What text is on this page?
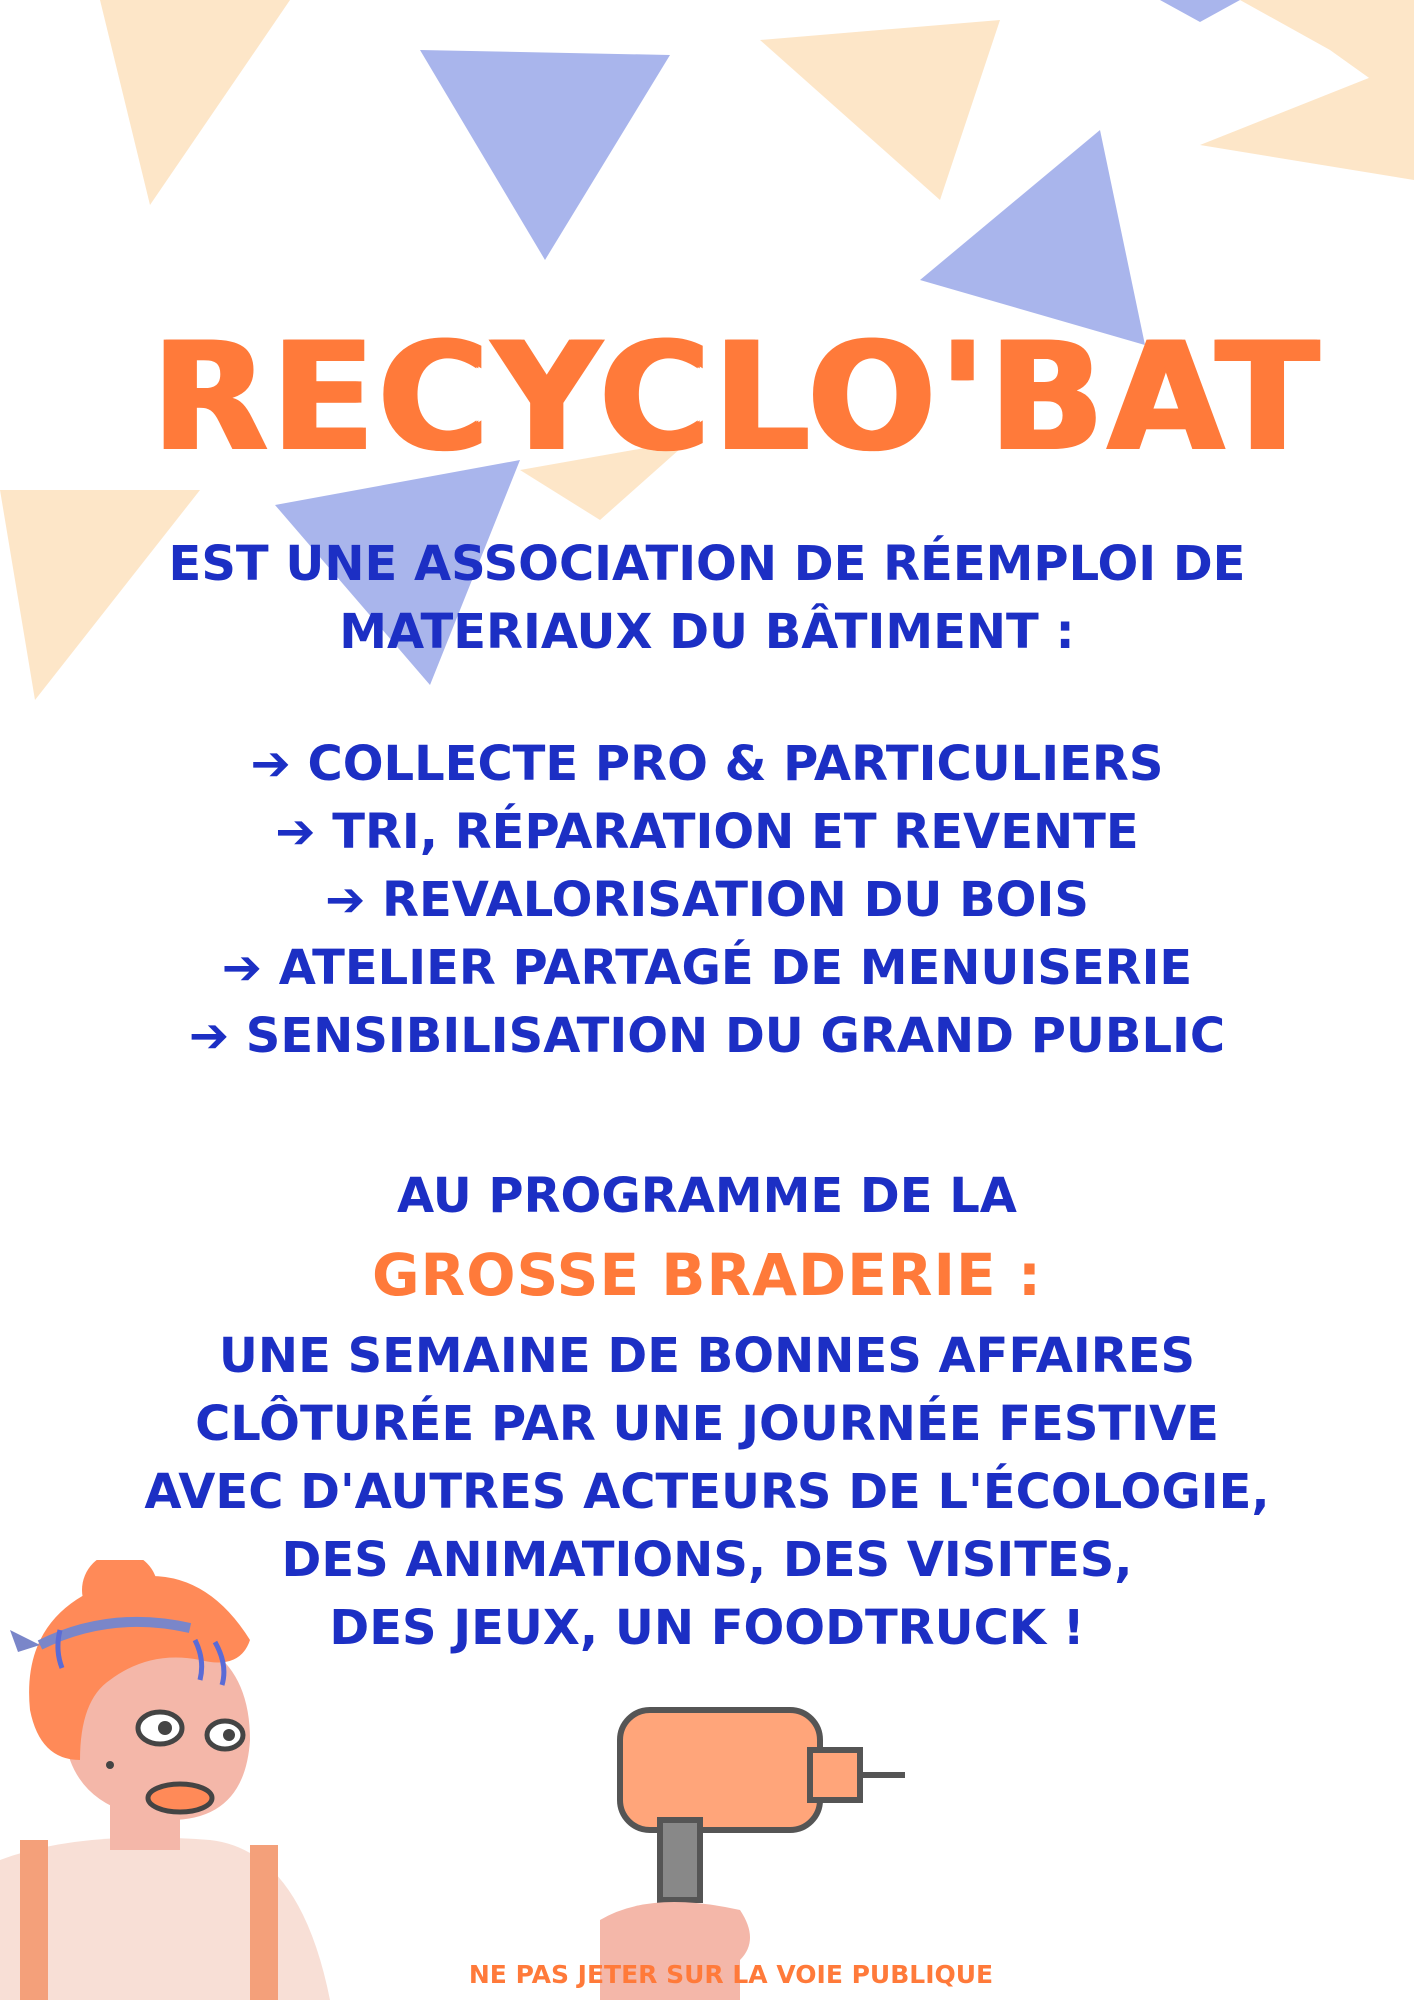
RECYCLO'BAT
EST UNE ASSOCIATION DE RÉEMPLOI DE
MATERIAUX DU BÂTIMENT :
➔ COLLECTE PRO & PARTICULIERS
➔ TRI, RÉPARATION ET REVENTE
➔ REVALORISATION DU BOIS
➔ ATELIER PARTAGÉ DE MENUISERIE
➔ SENSIBILISATION DU GRAND PUBLIC
AU PROGRAMME DE LA
GROSSE BRADERIE :
UNE SEMAINE DE BONNES AFFAIRES
CLÔTURÉE PAR UNE JOURNÉE FESTIVE
AVEC D'AUTRES ACTEURS DE L'ÉCOLOGIE,
DES ANIMATIONS, DES VISITES,
DES JEUX, UN FOODTRUCK !
NE PAS JETER SUR LA VOIE PUBLIQUE
